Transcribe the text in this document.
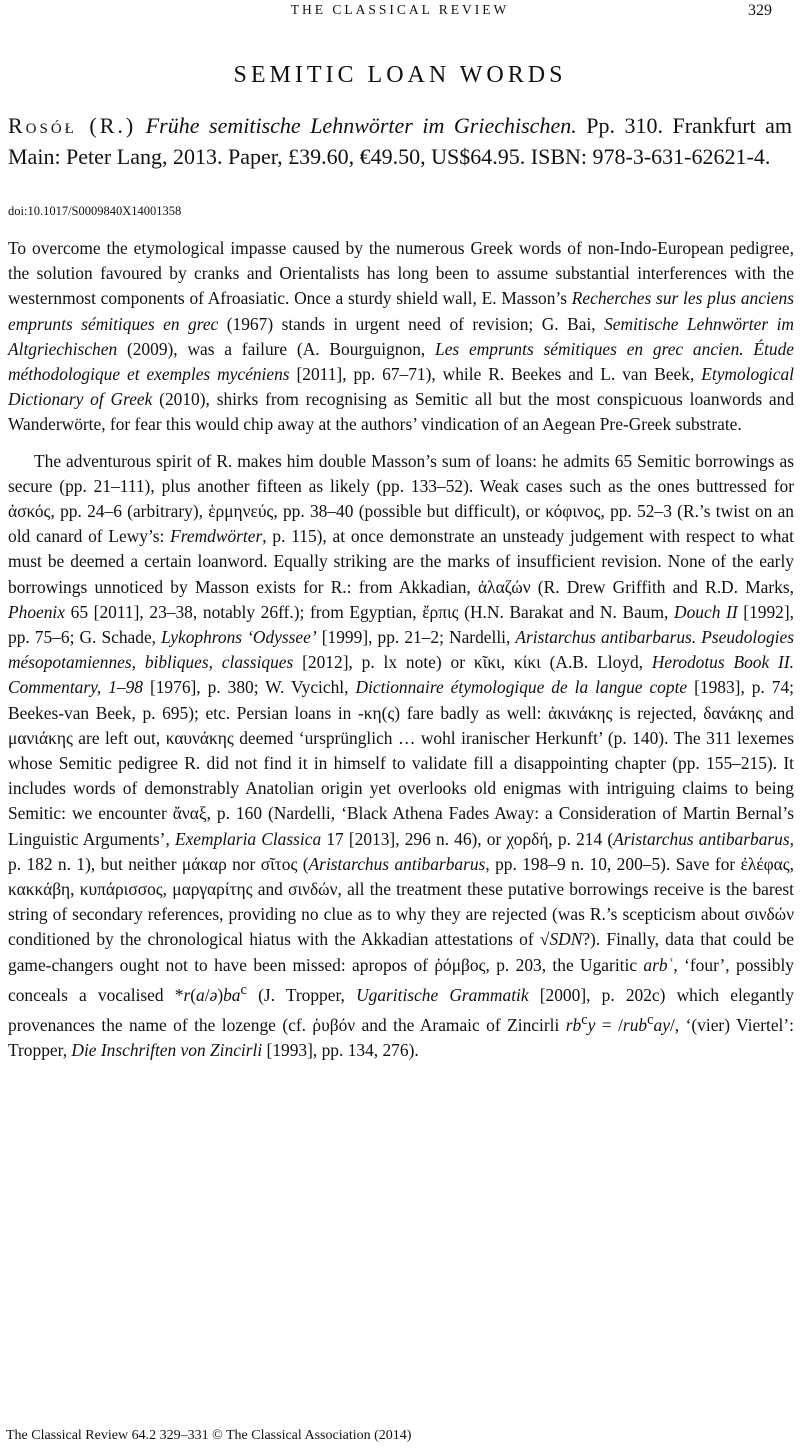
THE CLASSICAL REVIEW	329
SEMITIC LOAN WORDS
Rosół (R.) Frühe semitische Lehnwörter im Griechischen. Pp. 310. Frankfurt am Main: Peter Lang, 2013. Paper, £39.60, €49.50, US$64.95. ISBN: 978-3-631-62621-4.
doi:10.1017/S0009840X14001358

To overcome the etymological impasse caused by the numerous Greek words of non-Indo-European pedigree, the solution favoured by cranks and Orientalists has long been to assume substantial interferences with the westernmost components of Afroasiatic. Once a sturdy shield wall, E. Masson’s Recherches sur les plus anciens emprunts sémitiques en grec (1967) stands in urgent need of revision; G. Bai, Semitische Lehnwörter im Altgriechischen (2009), was a failure (A. Bourguignon, Les emprunts sémitiques en grec ancien. Étude méthodologique et exemples mycéniens [2011], pp. 67–71), while R. Beekes and L. van Beek, Etymological Dictionary of Greek (2010), shirks from recognising as Semitic all but the most conspicuous loanwords and Wanderwörte, for fear this would chip away at the authors’ vindication of an Aegean Pre-Greek substrate.

The adventurous spirit of R. makes him double Masson’s sum of loans: he admits 65 Semitic borrowings as secure (pp. 21–111), plus another fifteen as likely (pp. 133–52). Weak cases such as the ones buttressed for ἀσκός, pp. 24–6 (arbitrary), ἑρμηνεύς, pp. 38–40 (possible but difficult), or κόφινος, pp. 52–3 (R.’s twist on an old canard of Lewy’s: Fremdwörter, p. 115), at once demonstrate an unsteady judgement with respect to what must be deemed a certain loanword. Equally striking are the marks of insufficient revision. None of the early borrowings unnoticed by Masson exists for R.: from Akkadian, ἀλαζών (R. Drew Griffith and R.D. Marks, Phoenix 65 [2011], 23–38, notably 26ff.); from Egyptian, ἔρπις (H.N. Barakat and N. Baum, Douch II [1992], pp. 75–6; G. Schade, Lykophrons ‘Odyssee’ [1999], pp. 21–2; Nardelli, Aristarchus antibarbarus. Pseudologies mésopotamiennes, bibliques, classiques [2012], p. lx note) or κῖκι, κίκι (A.B. Lloyd, Herodotus Book II. Commentary, 1–98 [1976], p. 380; W. Vycichl, Dictionnaire étymologique de la langue copte [1983], p. 74; Beekes-van Beek, p. 695); etc. Persian loans in -κη(ς) fare badly as well: ἀκινάκης is rejected, δανάκης and μανιάκης are left out, καυνάκης deemed ‘ursprünglich … wohl iranischer Herkunft’ (p. 140). The 311 lexemes whose Semitic pedigree R. did not find it in himself to validate fill a disappointing chapter (pp. 155–215). It includes words of demonstrably Anatolian origin yet overlooks old enigmas with intriguing claims to being Semitic: we encounter ἄναξ, p. 160 (Nardelli, ‘Black Athena Fades Away: a Consideration of Martin Bernal’s Linguistic Arguments’, Exemplaria Classica 17 [2013], 296 n. 46), or χορδή, p. 214 (Aristarchus antibarbarus, p. 182 n. 1), but neither μάκαρ nor σῖτος (Aristarchus antibarbarus, pp. 198–9 n. 10, 200–5). Save for ἐλέφας, κακκάβη, κυπάρισσος, μαργαρίτης and σινδών, all the treatment these putative borrowings receive is the barest string of secondary references, providing no clue as to why they are rejected (was R.’s scepticism about σινδών conditioned by the chronological hiatus with the Akkadian attestations of √SDN?). Finally, data that could be game-changers ought not to have been missed: apropos of ῥόμβος, p. 203, the Ugaritic arbʿ, ‘four’, possibly conceals a vocalised $*r(a/ə)ba^c$ (J. Tropper, Ugaritische Grammatik [2000], p. 202c) which elegantly provenances the name of the lozenge (cf. ῥυβόν and the Aramaic of Zincirli $rb^cy = /rub^cay/$, ‘(vier) Viertel’: Tropper, Die Inschriften von Zincirli [1993], pp. 134, 276).

The Classical Review 64.2 329–331 © The Classical Association (2014)
